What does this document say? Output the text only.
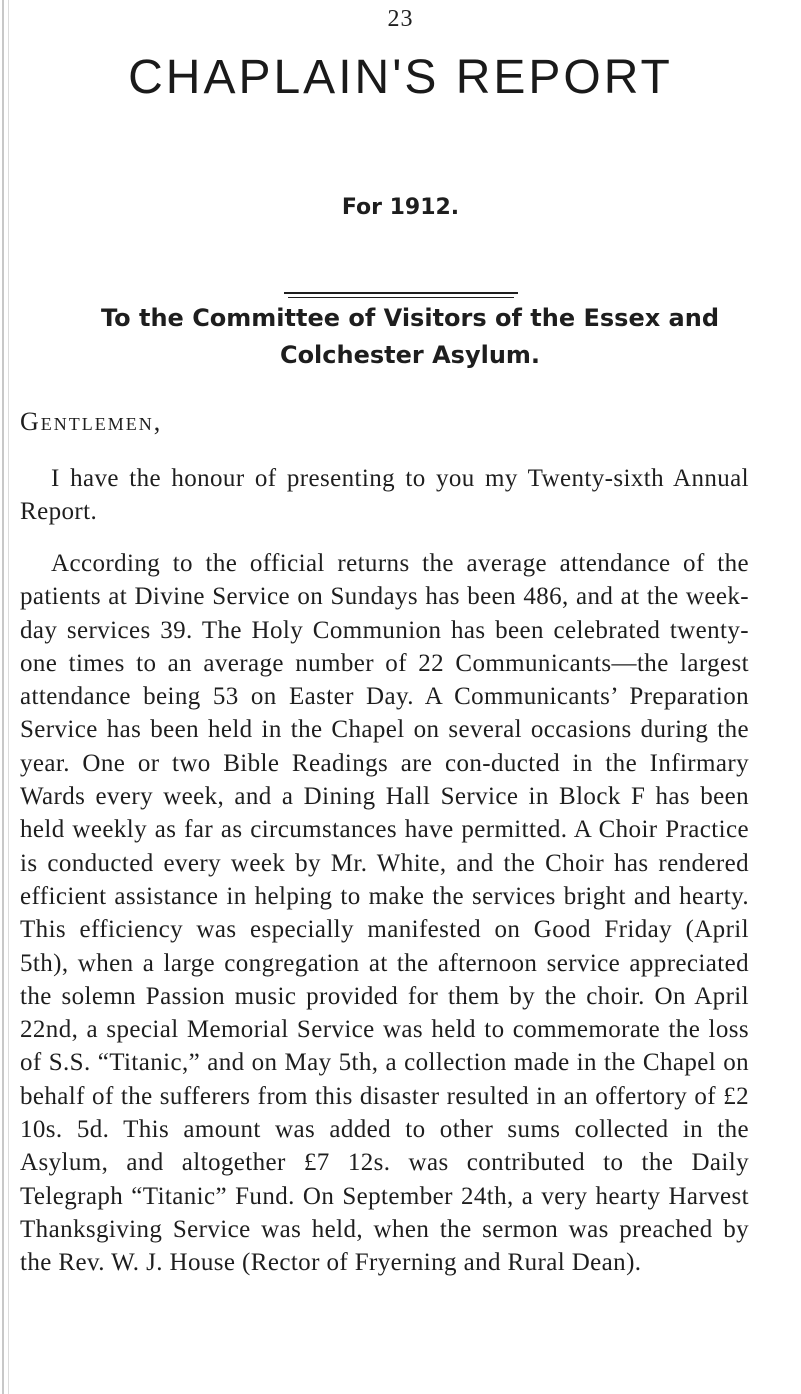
23
CHAPLAIN'S REPORT
For 1912.
To the Committee of Visitors of the Essex and Colchester Asylum.
Gentlemen,

I have the honour of presenting to you my Twenty-sixth Annual Report.

According to the official returns the average attendance of the patients at Divine Service on Sundays has been 486, and at the week-day services 39. The Holy Communion has been celebrated twenty-one times to an average number of 22 Communicants—the largest attendance being 53 on Easter Day. A Communicants’ Preparation Service has been held in the Chapel on several occasions during the year. One or two Bible Readings are con-ducted in the Infirmary Wards every week, and a Dining Hall Service in Block F has been held weekly as far as circumstances have permitted. A Choir Practice is conducted every week by Mr. White, and the Choir has rendered efficient assistance in helping to make the services bright and hearty. This efficiency was especially manifested on Good Friday (April 5th), when a large congregation at the afternoon service appreciated the solemn Passion music provided for them by the choir. On April 22nd, a special Memorial Service was held to commemorate the loss of S.S. “Titanic,” and on May 5th, a collection made in the Chapel on behalf of the sufferers from this disaster resulted in an offertory of £2 10s. 5d. This amount was added to other sums collected in the Asylum, and altogether £7 12s. was contributed to the Daily Telegraph “Titanic” Fund. On September 24th, a very hearty Harvest Thanksgiving Service was held, when the sermon was preached by the Rev. W. J. House (Rector of Fryerning and Rural Dean).
